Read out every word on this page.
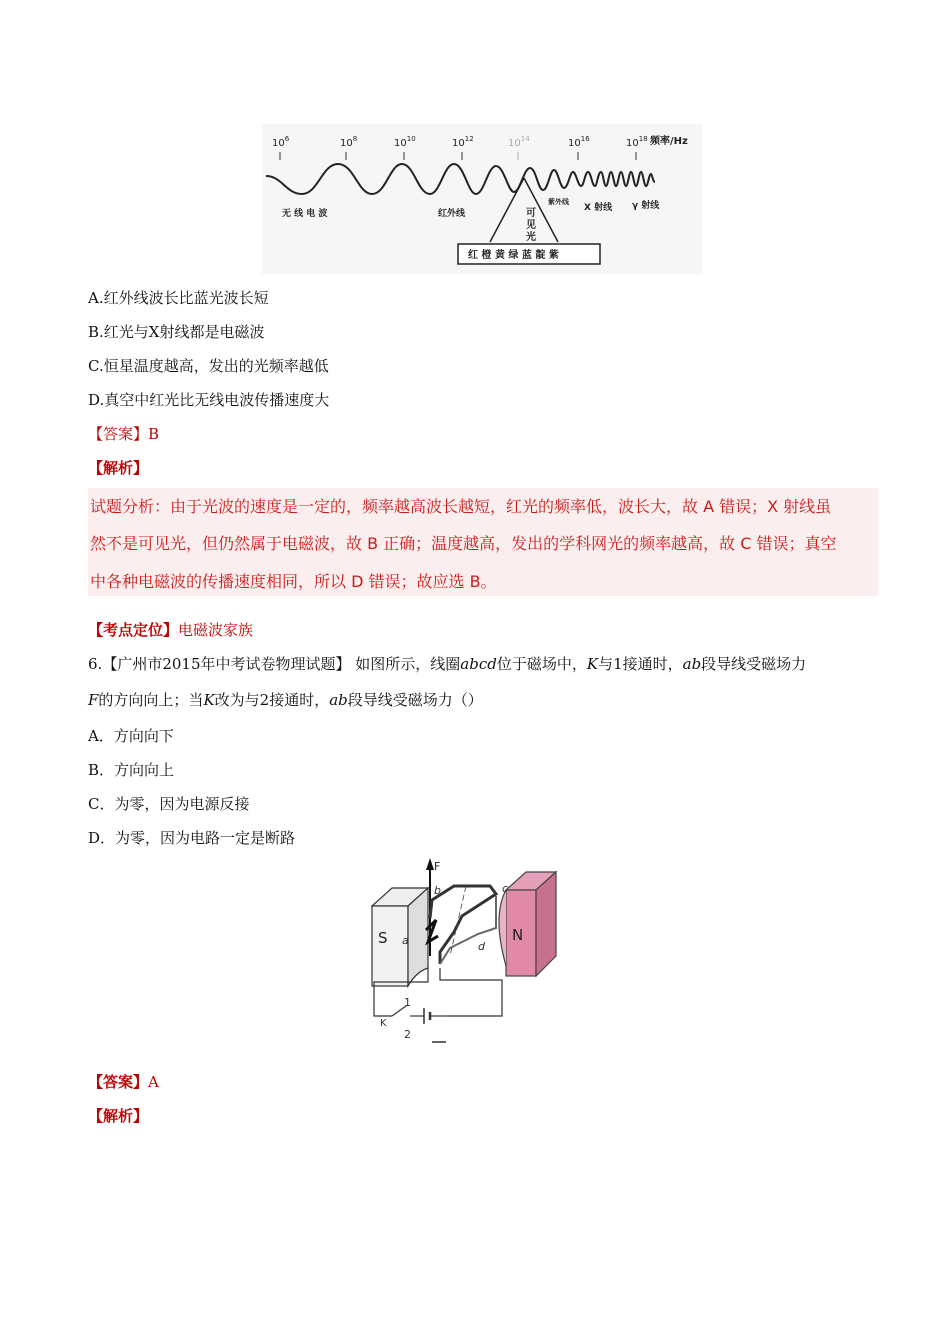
$10^6$	$10^8$	$10^{10}$	$10^{12}$	$10^{14}$	$10^{16}$	$10^{18}$ 频率/Hz
无 线 电 波	红外线
紫外线
X 射线 γ 射线
可
见
光
红 橙 黄 绿 蓝 靛 紫
A.红外线波长比蓝光波长短
B.红光与X射线都是电磁波
C.恒星温度越高，发出的光频率越低
D.真空中红光比无线电波传播速度大
【答案】B
【解析】
试题分析：由于光波的速度是一定的，频率越高波长越短，红光的频率低，波长大，故 A 错误；X 射线虽
然不是可见光，但仍然属于电磁波，故 B 正确；温度越高，发出的学科网光的频率越高，故 C 错误；真空
中各种电磁波的传播速度相同，所以 D 错误；故应选 B。
【考点定位】电磁波家族
6.【广州市2015年中考试卷物理试题】 如图所示，线圈abcd位于磁场中，K与1接通时，ab段导线受磁场力
F的方向向上；当K改为与2接通时，ab段导线受磁场力（）
A．方向向下
B．方向向上
C．为零，因为电源反接
D．为零，因为电路一定是断路
S	N
F
a
b	c
d
1
2
K
【答案】A
【解析】
